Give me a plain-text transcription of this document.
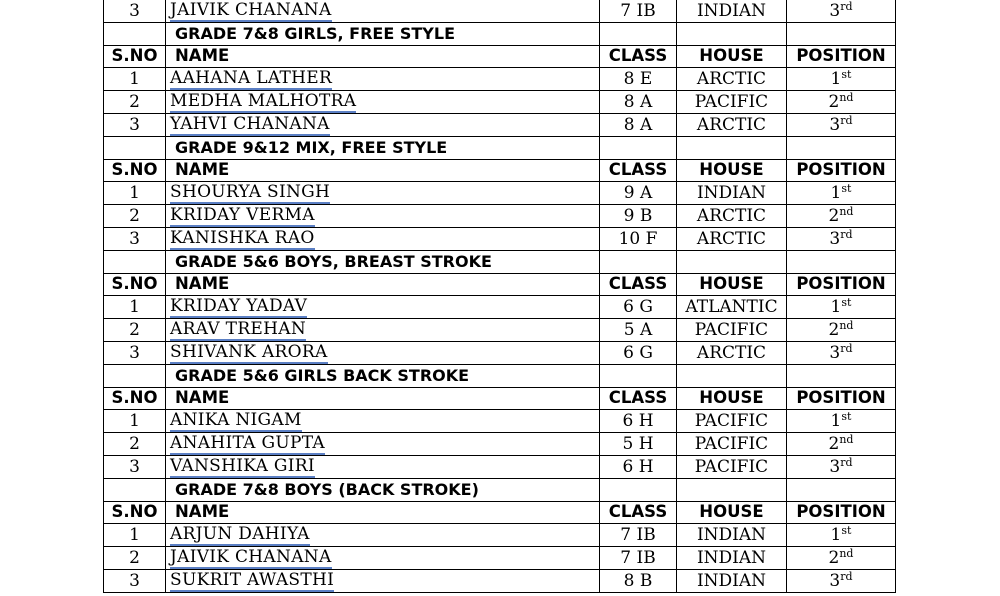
3	JAIVIK CHANANA	7 IB	INDIAN	3rd
	GRADE 7&8 GIRLS, FREE STYLE			
S.NO	NAME	CLASS	HOUSE	POSITION
1	AAHANA LATHER	8 E	ARCTIC	1st
2	MEDHA MALHOTRA	8 A	PACIFIC	2nd
3	YAHVI CHANANA	8 A	ARCTIC	3rd
	GRADE 9&12 MIX, FREE STYLE			
S.NO	NAME	CLASS	HOUSE	POSITION
1	SHOURYA SINGH	9 A	INDIAN	1st
2	KRIDAY VERMA	9 B	ARCTIC	2nd
3	KANISHKA RAO	10 F	ARCTIC	3rd
	GRADE 5&6 BOYS, BREAST STROKE			
S.NO	NAME	CLASS	HOUSE	POSITION
1	KRIDAY YADAV	6 G	ATLANTIC	1st
2	ARAV TREHAN	5 A	PACIFIC	2nd
3	SHIVANK ARORA	6 G	ARCTIC	3rd
	GRADE 5&6 GIRLS BACK STROKE			
S.NO	NAME	CLASS	HOUSE	POSITION
1	ANIKA NIGAM	6 H	PACIFIC	1st
2	ANAHITA GUPTA	5 H	PACIFIC	2nd
3	VANSHIKA GIRI	6 H	PACIFIC	3rd
	GRADE 7&8 BOYS (BACK STROKE)			
S.NO	NAME	CLASS	HOUSE	POSITION
1	ARJUN DAHIYA	7 IB	INDIAN	1st
2	JAIVIK CHANANA	7 IB	INDIAN	2nd
3	SUKRIT AWASTHI	8 B	INDIAN	3rd
